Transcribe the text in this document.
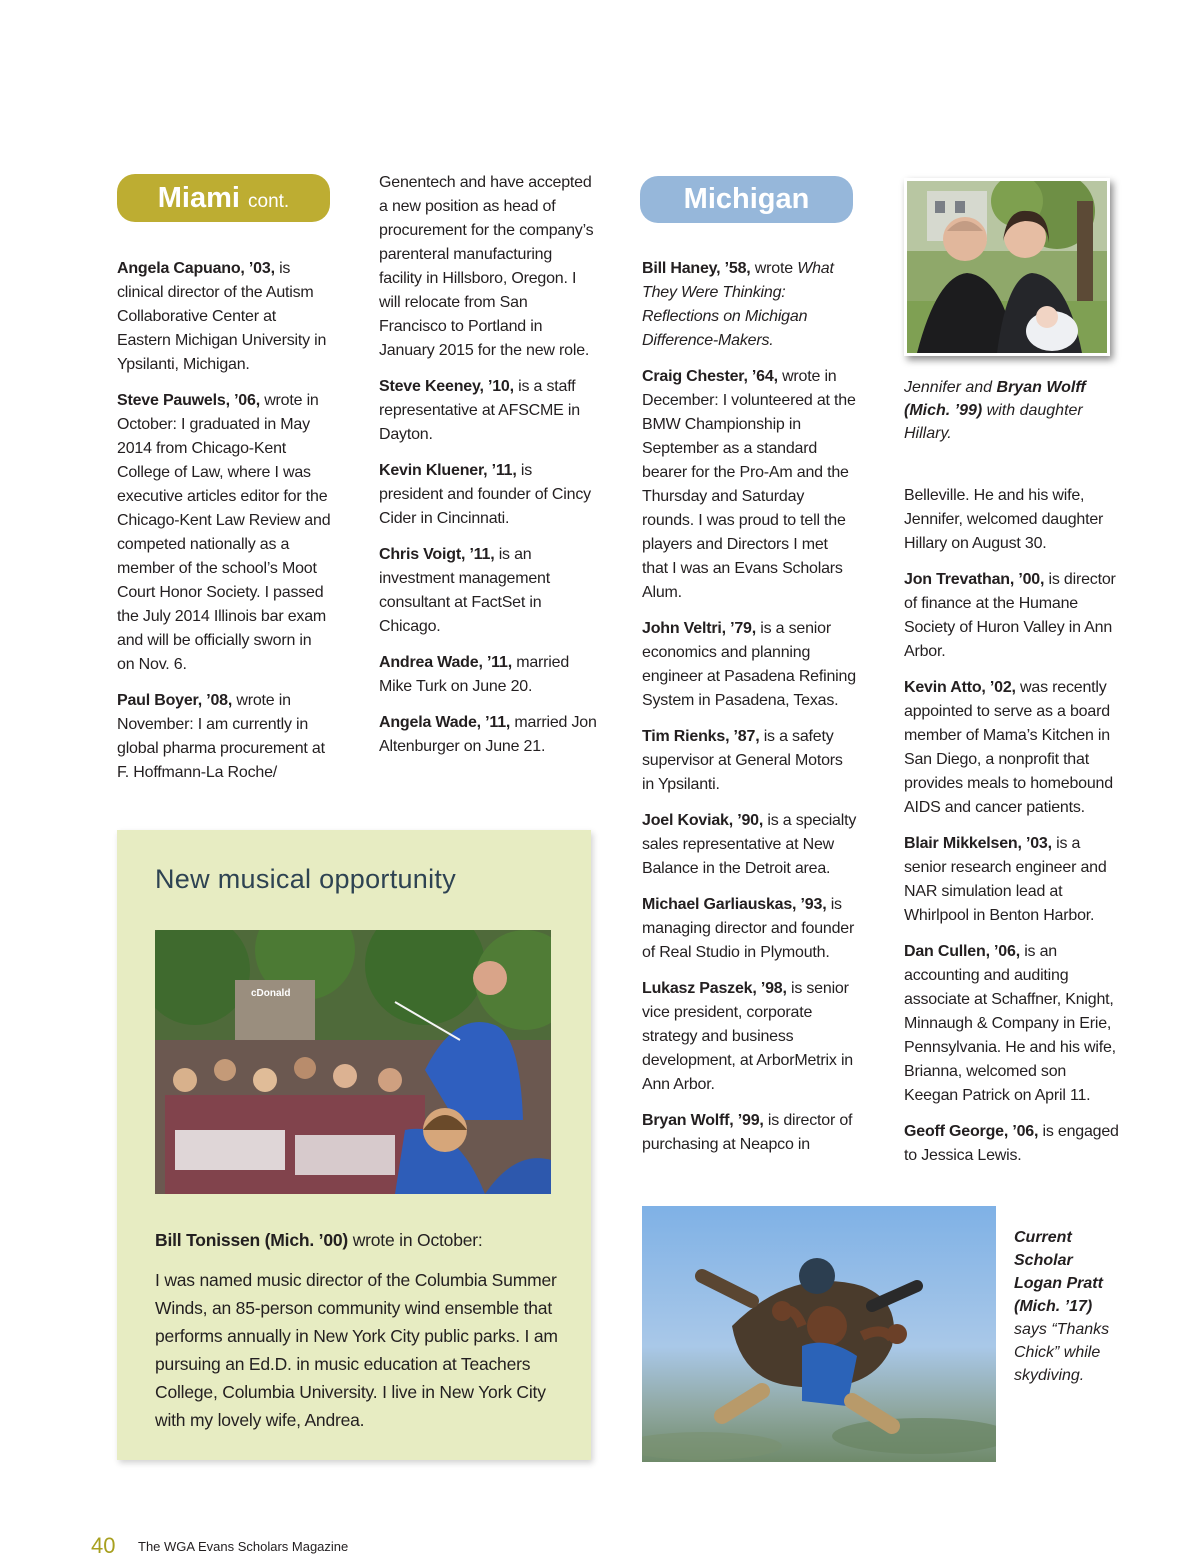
Miami cont.

Angela Capuano, ’03, is clinical director of the Autism Collaborative Center at Eastern Michigan University in Ypsilanti, Michigan.

Steve Pauwels, ’06, wrote in October: I graduated in May 2014 from Chicago-Kent College of Law, where I was executive articles editor for the Chicago-Kent Law Review and competed nationally as a member of the school’s Moot Court Honor Society. I passed the July 2014 Illinois bar exam and will be officially sworn in on Nov. 6.

Paul Boyer, ’08, wrote in November: I am currently in global pharma procurement at F. Hoffmann-La Roche/

Genentech and have accepted a new position as head of procurement for the company’s parenteral manufacturing facility in Hillsboro, Oregon. I will relocate from San Francisco to Portland in January 2015 for the new role.

Steve Keeney, ’10, is a staff representative at AFSCME in Dayton.

Kevin Kluener, ’11, is president and founder of Cincy Cider in Cincinnati.

Chris Voigt, ’11, is an investment management consultant at FactSet in Chicago.

Andrea Wade, ’11, married Mike Turk on June 20.

Angela Wade, ’11, married Jon Altenburger on June 21.

Michigan

Bill Haney, ’58, wrote What They Were Thinking: Reflections on Michigan Difference-Makers.

Craig Chester, ’64, wrote in December: I volunteered at the BMW Championship in September as a standard bearer for the Pro-Am and the Thursday and Saturday rounds. I was proud to tell the players and Directors I met that I was an Evans Scholars Alum.

John Veltri, ’79, is a senior economics and planning engineer at Pasadena Refining System in Pasadena, Texas.

Tim Rienks, ’87, is a safety supervisor at General Motors in Ypsilanti.

Joel Koviak, ’90, is a specialty sales representative at New Balance in the Detroit area.

Michael Garliauskas, ’93, is managing director and founder of Real Studio in Plymouth.

Lukasz Paszek, ’98, is senior vice president, corporate strategy and business development, at ArborMetrix in Ann Arbor.

Bryan Wolff, ’99, is director of purchasing at Neapco in

Jennifer and Bryan Wolff (Mich. ’99) with daughter Hillary.

Belleville. He and his wife, Jennifer, welcomed daughter Hillary on August 30.

Jon Trevathan, ’00, is director of finance at the Humane Society of Huron Valley in Ann Arbor.

Kevin Atto, ’02, was recently appointed to serve as a board member of Mama’s Kitchen in San Diego, a nonprofit that provides meals to homebound AIDS and cancer patients.

Blair Mikkelsen, ’03, is a senior research engineer and NAR simulation lead at Whirlpool in Benton Harbor.

Dan Cullen, ’06, is an accounting and auditing associate at Schaffner, Knight, Minnaugh & Company in Erie, Pennsylvania. He and his wife, Brianna, welcomed son Keegan Patrick on April 11.

Geoff George, ’06, is engaged to Jessica Lewis.

New musical opportunity
cDonald

Bill Tonissen (Mich. ’00) wrote in October:

I was named music director of the Columbia Summer Winds, an 85-person community wind ensemble that performs annually in New York City public parks. I am pursuing an Ed.D. in music education at Teachers College, Columbia University. I live in New York City with my lovely wife, Andrea.

Current Scholar Logan Pratt (Mich. ’17) says “Thanks Chick” while skydiving.
40 The WGA Evans Scholars Magazine
